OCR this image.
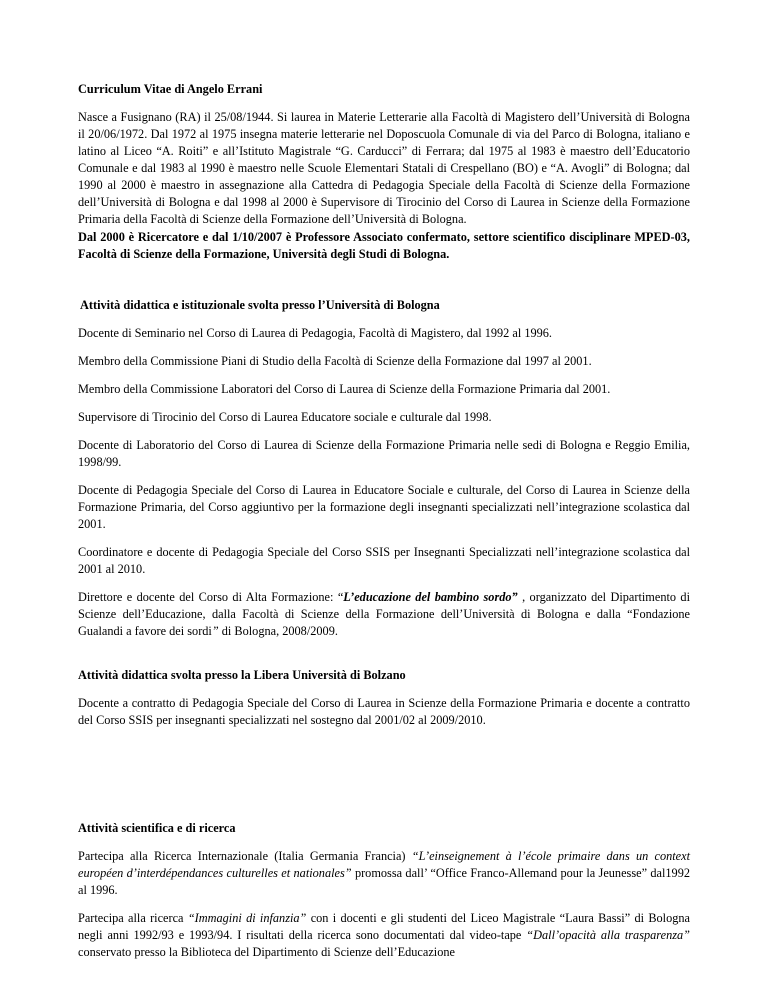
Curriculum Vitae di Angelo Errani

Nasce a Fusignano (RA) il 25/08/1944. Si laurea in Materie Letterarie alla Facoltà di Magistero dell’Università di Bologna il 20/06/1972. Dal 1972 al 1975 insegna materie letterarie nel Doposcuola Comunale di via del Parco di Bologna, italiano e latino al Liceo “A. Roiti” e all’Istituto Magistrale “G. Carducci” di Ferrara; dal 1975 al 1983 è maestro dell’Educatorio Comunale e dal 1983 al 1990 è maestro nelle Scuole Elementari Statali di Crespellano (BO) e “A. Avogli” di Bologna; dal 1990 al 2000 è maestro in assegnazione alla Cattedra di Pedagogia Speciale della Facoltà di Scienze della Formazione dell’Università di Bologna e dal 1998 al 2000 è Supervisore di Tirocinio del Corso di Laurea in Scienze della Formazione Primaria della Facoltà di Scienze della Formazione dell’Università di Bologna.

Dal 2000 è Ricercatore e dal 1/10/2007 è Professore Associato confermato, settore scientifico disciplinare MPED-03, Facoltà di Scienze della Formazione, Università degli Studi di Bologna.

Attività didattica e istituzionale svolta presso l’Università di Bologna

Docente di Seminario nel Corso di Laurea di Pedagogia, Facoltà di Magistero, dal 1992 al 1996.

Membro della Commissione Piani di Studio della Facoltà di Scienze della Formazione dal 1997 al 2001.

Membro della Commissione Laboratori del Corso di Laurea di Scienze della Formazione Primaria dal 2001.

Supervisore di Tirocinio del Corso di Laurea Educatore sociale e culturale dal 1998.

Docente di Laboratorio del Corso di Laurea di Scienze della Formazione Primaria nelle sedi di Bologna e Reggio Emilia, 1998/99.

Docente di Pedagogia Speciale del Corso di Laurea in Educatore Sociale e culturale, del Corso di Laurea in Scienze della Formazione Primaria, del Corso aggiuntivo per la formazione degli insegnanti specializzati nell’integrazione scolastica dal 2001.

Coordinatore e docente di Pedagogia Speciale del Corso SSIS per Insegnanti Specializzati nell’integrazione scolastica dal 2001 al 2010.

Direttore e docente del Corso di Alta Formazione: “L’educazione del bambino sordo” , organizzato del Dipartimento di Scienze dell’Educazione, dalla Facoltà di Scienze della Formazione dell’Università di Bologna e dalla “Fondazione Gualandi a favore dei sordi” di Bologna, 2008/2009.

Attività didattica svolta presso la Libera Università di Bolzano

Docente a contratto di Pedagogia Speciale del Corso di Laurea in Scienze della Formazione Primaria e docente a contratto del Corso SSIS per insegnanti specializzati nel sostegno dal 2001/02 al 2009/2010.

Attività scientifica e di ricerca

Partecipa alla Ricerca Internazionale (Italia Germania Francia) “L’einseignement à l’école primaire dans un context européen d’interdépendances culturelles et nationales” promossa dall’ “Office Franco-Allemand pour la Jeunesse” dal1992 al 1996.

Partecipa alla ricerca “Immagini di infanzia” con i docenti e gli studenti del Liceo Magistrale “Laura Bassi” di Bologna negli anni 1992/93 e 1993/94. I risultati della ricerca sono documentati dal video-tape “Dall’opacità alla trasparenza” conservato presso la Biblioteca del Dipartimento di Scienze dell’Educazione
